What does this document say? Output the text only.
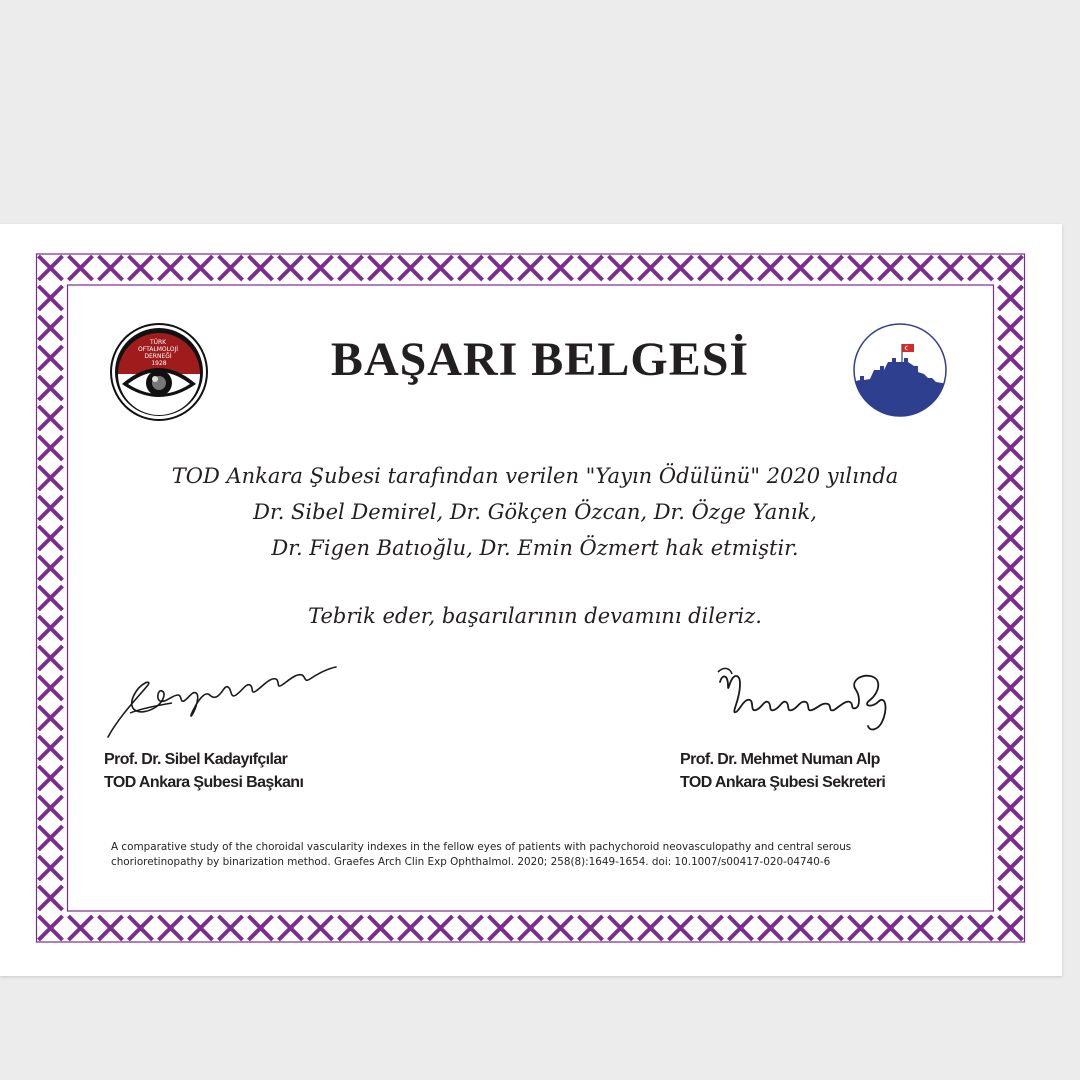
TÜRK OFTALMOLOJİ DERNEĞİ 1928	BAŞARI BELGESİ
TOD Ankara Şubesi tarafından verilen "Yayın Ödülünü" 2020 yılında
Dr. Sibel Demirel, Dr. Gökçen Özcan, Dr. Özge Yanık,
Dr. Figen Batıoğlu, Dr. Emin Özmert hak etmiştir.

Tebrik eder, başarılarının devamını dileriz.

Prof. Dr. Sibel Kadayıfçılar
TOD Ankara Şubesi Başkanı
Prof. Dr. Mehmet Numan Alp
TOD Ankara Şubesi Sekreteri
A comparative study of the choroidal vascularity indexes in the fellow eyes of patients with pachychoroid neovasculopathy and central serous
chorioretinopathy by binarization method. Graefes Arch Clin Exp Ophthalmol. 2020; 258(8):1649-1654. doi: 10.1007/s00417-020-04740-6
